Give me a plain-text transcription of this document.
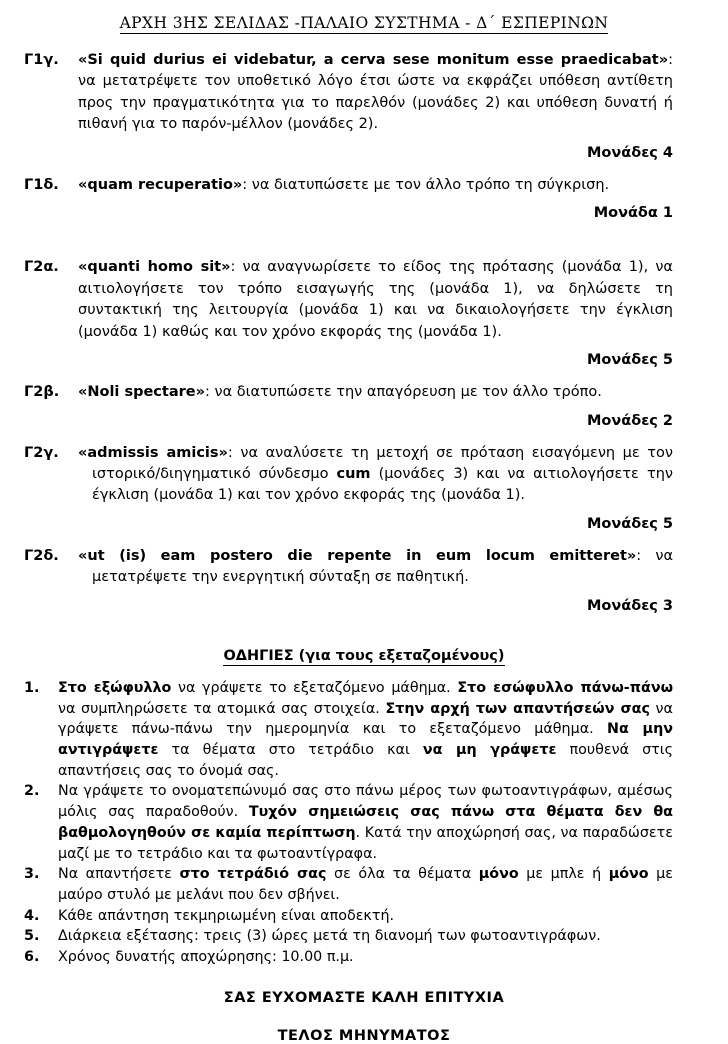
ΑΡΧΗ 3ΗΣ ΣΕΛΙΔΑΣ -ΠΑΛΑΙΟ ΣΥΣΤΗΜΑ - Δ΄ ΕΣΠΕΡΙΝΩΝ
Γ1γ.	«Si quid durius ei videbatur, a cerva sese monitum esse praedicabat»: να μετατρέψετε τον υποθετικό λόγο έτσι ώστε να εκφράζει υπόθεση αντίθετη προς την πραγματικότητα για το παρελθόν (μονάδες 2) και υπόθεση δυνατή ή πιθανή για το παρόν-μέλλον (μονάδες 2).
Μονάδες 4
Γ1δ.	«quam recuperatio»: να διατυπώσετε με τον άλλο τρόπο τη σύγκριση.
Μονάδα 1
Γ2α.	«quanti homo sit»: να αναγνωρίσετε το είδος της πρότασης (μονάδα 1), να αιτιολογήσετε τον τρόπο εισαγωγής της (μονάδα 1), να δηλώσετε τη συντακτική της λειτουργία (μονάδα 1) και να δικαιολογήσετε την έγκλιση (μονάδα 1) καθώς και τον χρόνο εκφοράς της (μονάδα 1).
Μονάδες 5
Γ2β.	«Noli spectare»: να διατυπώσετε την απαγόρευση με τον άλλο τρόπο.
Μονάδες 2
Γ2γ.	«admissis amicis»: να αναλύσετε τη μετοχή σε πρόταση εισαγόμενη με τον ιστορικό/διηγηματικό σύνδεσμο cum (μονάδες 3) και να αιτιολογήσετε την έγκλιση (μονάδα 1) και τον χρόνο εκφοράς της (μονάδα 1).
Μονάδες 5
Γ2δ.	«ut (is) eam postero die repente in eum locum emitteret»: να μετατρέψετε την ενεργητική σύνταξη σε παθητική.
Μονάδες 3
ΟΔΗΓΙΕΣ (για τους εξεταζομένους)
1.	Στο εξώφυλλο να γράψετε το εξεταζόμενο μάθημα. Στο εσώφυλλο πάνω-πάνω να συμπληρώσετε τα ατομικά σας στοιχεία. Στην αρχή των απαντήσεών σας να γράψετε πάνω-πάνω την ημερομηνία και το εξεταζόμενο μάθημα. Να μην αντιγράψετε τα θέματα στο τετράδιο και να μη γράψετε πουθενά στις απαντήσεις σας το όνομά σας.
2.	Να γράψετε το ονοματεπώνυμό σας στο πάνω μέρος των φωτοαντιγράφων, αμέσως μόλις σας παραδοθούν. Τυχόν σημειώσεις σας πάνω στα θέματα δεν θα βαθμολογηθούν σε καμία περίπτωση. Κατά την αποχώρησή σας, να παραδώσετε μαζί με το τετράδιο και τα φωτοαντίγραφα.
3.	Να απαντήσετε στο τετράδιό σας σε όλα τα θέματα μόνο με μπλε ή μόνο με μαύρο στυλό με μελάνι που δεν σβήνει.
4.	Κάθε απάντηση τεκμηριωμένη είναι αποδεκτή.
5.	Διάρκεια εξέτασης: τρεις (3) ώρες μετά τη διανομή των φωτοαντιγράφων.
6.	Χρόνος δυνατής αποχώρησης: 10.00 π.μ.
ΣΑΣ ΕΥΧΟΜΑΣΤΕ ΚΑΛΗ ΕΠΙΤΥΧΙΑ
ΤΕΛΟΣ ΜΗΝΥΜΑΤΟΣ
